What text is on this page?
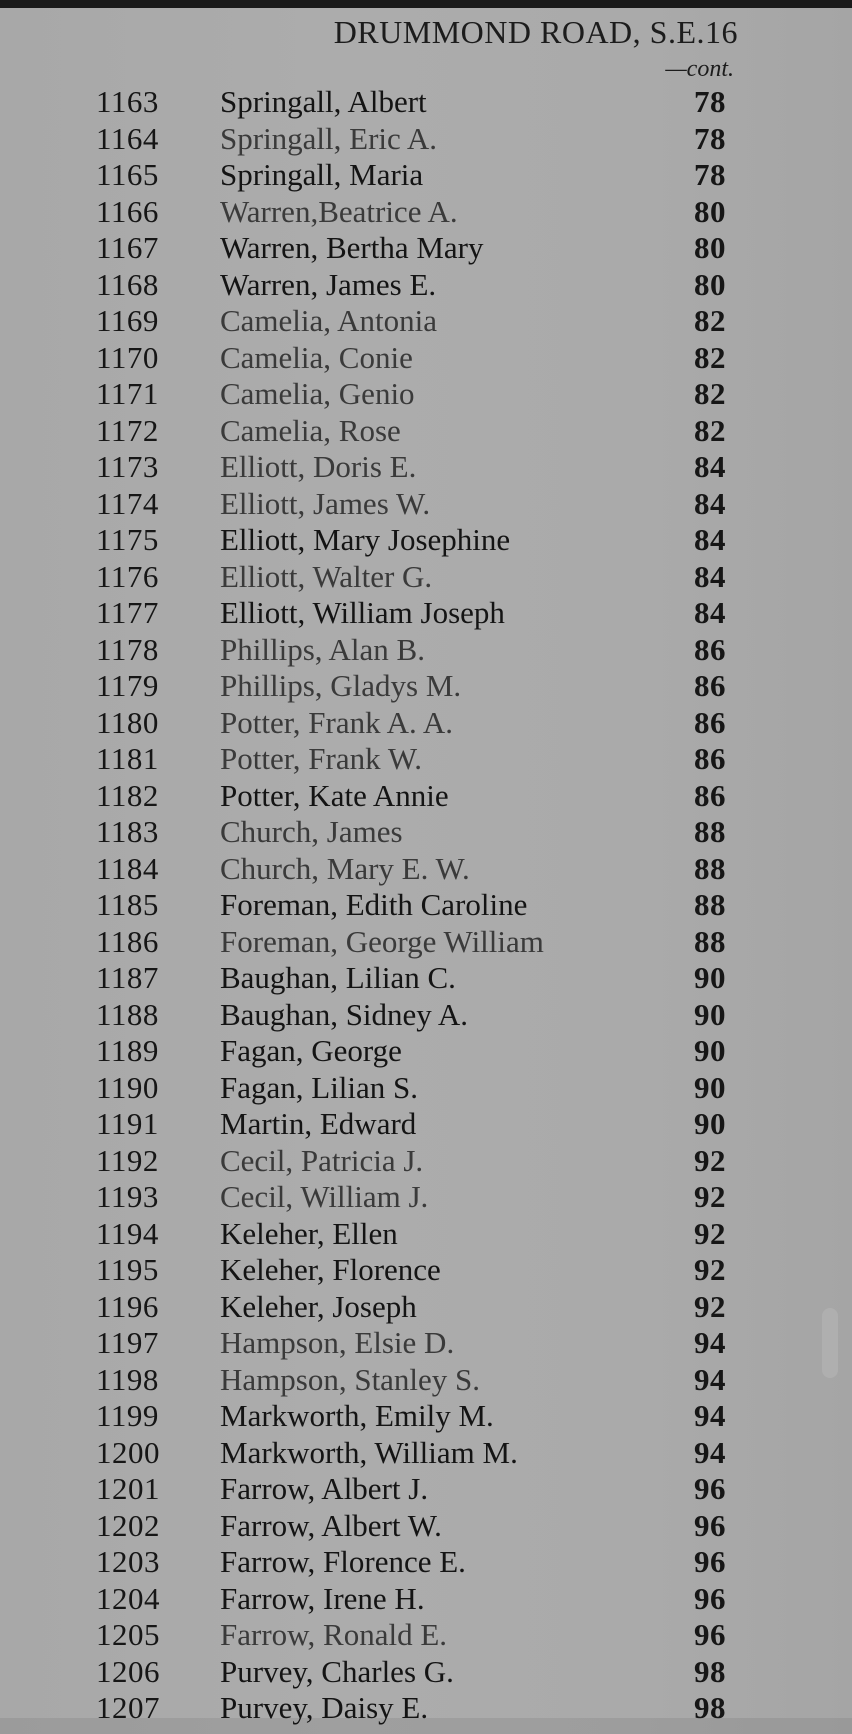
DRUMMOND ROAD, S.E.16
—cont.
1163	Springall, Albert	78
1164	Springall, Eric A.	78
1165	Springall, Maria	78
1166	Warren,Beatrice A.	80
1167	Warren, Bertha Mary	80
1168	Warren, James E.	80
1169	Camelia, Antonia	82
1170	Camelia, Conie	82
1171	Camelia, Genio	82
1172	Camelia, Rose	82
1173	Elliott, Doris E.	84
1174	Elliott, James W.	84
1175	Elliott, Mary Josephine	84
1176	Elliott, Walter G.	84
1177	Elliott, William Joseph	84
1178	Phillips, Alan B.	86
1179	Phillips, Gladys M.	86
1180	Potter, Frank A. A.	86
1181	Potter, Frank W.	86
1182	Potter, Kate Annie	86
1183	Church, James	88
1184	Church, Mary E. W.	88
1185	Foreman, Edith Caroline	88
1186	Foreman, George William	88
1187	Baughan, Lilian C.	90
1188	Baughan, Sidney A.	90
1189	Fagan, George	90
1190	Fagan, Lilian S.	90
1191	Martin, Edward	90
1192	Cecil, Patricia J.	92
1193	Cecil, William J.	92
1194	Keleher, Ellen	92
1195	Keleher, Florence	92
1196	Keleher, Joseph	92
1197	Hampson, Elsie D.	94
1198	Hampson, Stanley S.	94
1199	Markworth, Emily M.	94
1200	Markworth, William M.	94
1201	Farrow, Albert J.	96
1202	Farrow, Albert W.	96
1203	Farrow, Florence E.	96
1204	Farrow, Irene H.	96
1205	Farrow, Ronald E.	96
1206	Purvey, Charles G.	98
1207	Purvey, Daisy E.	98
